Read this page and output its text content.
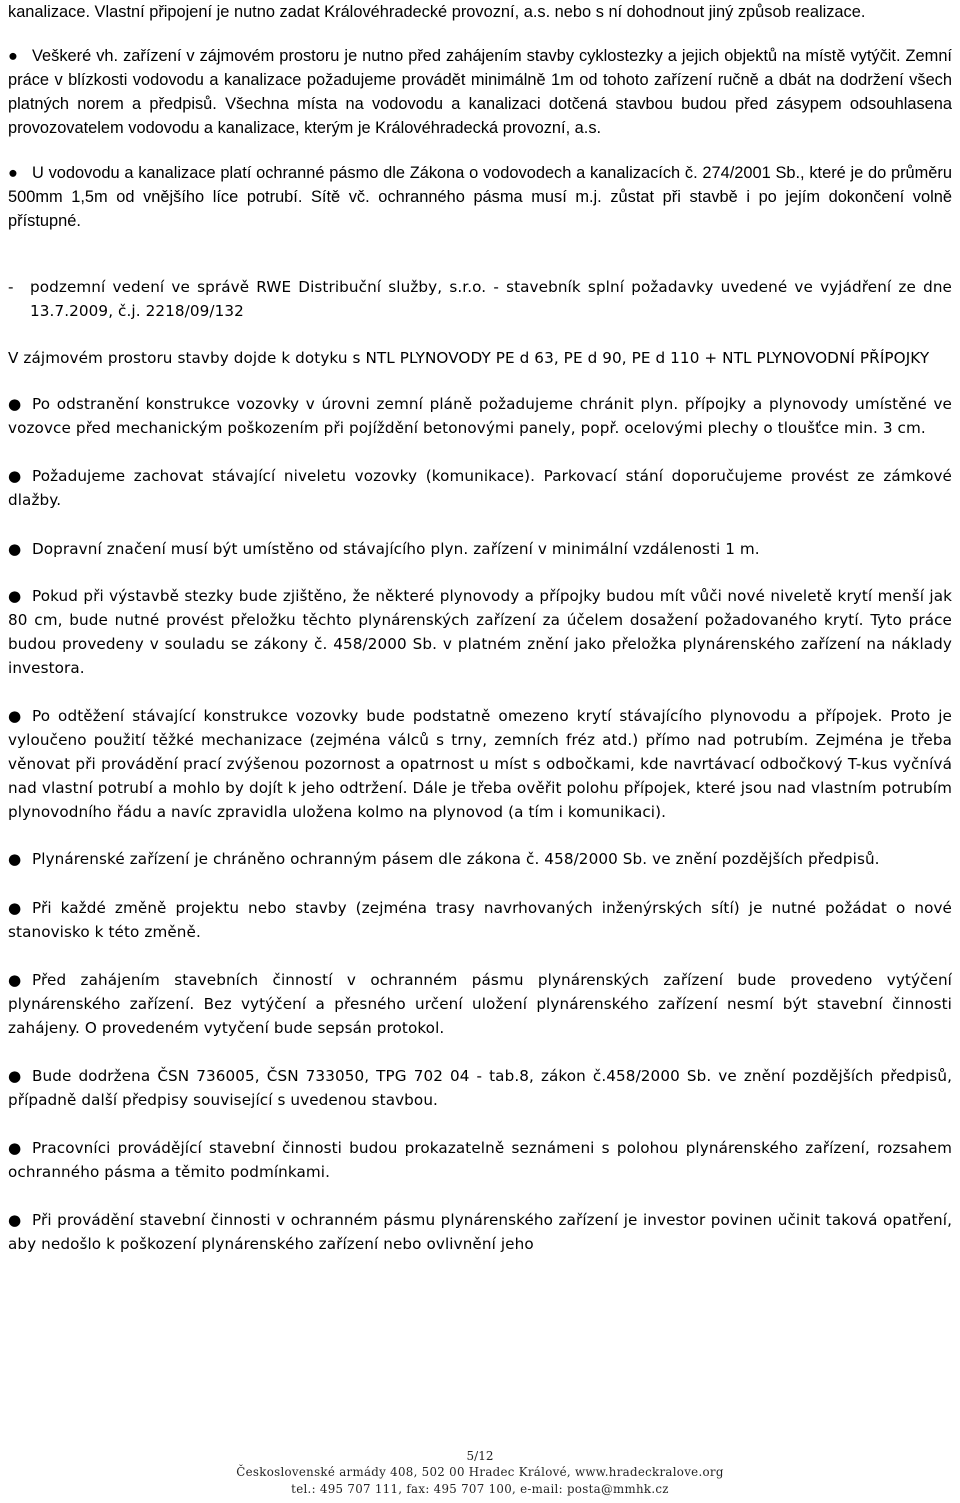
kanalizace. Vlastní připojení je nutno zadat Královéhradecké provozní, a.s. nebo s ní dohodnout jiný způsob realizace.

● Veškeré vh. zařízení v zájmovém prostoru je nutno před zahájením stavby cyklostezky a jejich objektů na místě vytýčit. Zemní práce v blízkosti vodovodu a kanalizace požadujeme provádět minimálně 1m od tohoto zařízení ručně a dbát na dodržení všech platných norem a předpisů. Všechna místa na vodovodu a kanalizaci dotčená stavbou budou před zásypem odsouhlasena provozovatelem vodovodu a kanalizace, kterým je Královéhradecká provozní, a.s.

● U vodovodu a kanalizace platí ochranné pásmo dle Zákona o vodovodech a kanalizacích č. 274/2001 Sb., které je do průměru 500mm 1,5m od vnějšího líce potrubí. Sítě vč. ochranného pásma musí m.j. zůstat při stavbě i po jejím dokončení volně přístupné.

- podzemní vedení ve správě RWE Distribuční služby, s.r.o. - stavebník splní požadavky uvedené ve vyjádření ze dne 13.7.2009, č.j. 2218/09/132

V zájmovém prostoru stavby dojde k dotyku s NTL PLYNOVODY PE d 63, PE d 90, PE d 110 + NTL PLYNOVODNÍ PŘÍPOJKY

● Po odstranění konstrukce vozovky v úrovni zemní pláně požadujeme chránit plyn. přípojky a plynovody umístěné ve vozovce před mechanickým poškozením při pojíždění betonovými panely, popř. ocelovými plechy o tloušťce min. 3 cm.

● Požadujeme zachovat stávající niveletu vozovky (komunikace). Parkovací stání doporučujeme provést ze zámkové dlažby.

● Dopravní značení musí být umístěno od stávajícího plyn. zařízení v minimální vzdálenosti 1 m.

● Pokud při výstavbě stezky bude zjištěno, že některé plynovody a přípojky budou mít vůči nové niveletě krytí menší jak 80 cm, bude nutné provést přeložku těchto plynárenských zařízení za účelem dosažení požadovaného krytí. Tyto práce budou provedeny v souladu se zákony č. 458/2000 Sb. v platném znění jako přeložka plynárenského zařízení na náklady investora.

● Po odtěžení stávající konstrukce vozovky bude podstatně omezeno krytí stávajícího plynovodu a přípojek. Proto je vyloučeno použití těžké mechanizace (zejména válců s trny, zemních fréz atd.) přímo nad potrubím. Zejména je třeba věnovat při provádění prací zvýšenou pozornost a opatrnost u míst s odbočkami, kde navrtávací odbočkový T-kus vyčnívá nad vlastní potrubí a mohlo by dojít k jeho odtržení. Dále je třeba ověřit polohu přípojek, které jsou nad vlastním potrubím plynovodního řádu a navíc zpravidla uložena kolmo na plynovod (a tím i komunikaci).

● Plynárenské zařízení je chráněno ochranným pásem dle zákona č. 458/2000 Sb. ve znění pozdějších předpisů.

● Při každé změně projektu nebo stavby (zejména trasy navrhovaných inženýrských sítí) je nutné požádat o nové stanovisko k této změně.

● Před zahájením stavebních činností v ochranném pásmu plynárenských zařízení bude provedeno vytýčení plynárenského zařízení. Bez vytýčení a přesného určení uložení plynárenského zařízení nesmí být stavební činnosti zahájeny. O provedeném vytyčení bude sepsán protokol.

● Bude dodržena ČSN 736005, ČSN 733050, TPG 702 04 - tab.8, zákon č.458/2000 Sb. ve znění pozdějších předpisů, případně další předpisy související s uvedenou stavbou.

● Pracovníci provádějící stavební činnosti budou prokazatelně seznámeni s polohou plynárenského zařízení, rozsahem ochranného pásma a těmito podmínkami.

● Při provádění stavební činnosti v ochranném pásmu plynárenského zařízení je investor povinen učinit taková opatření, aby nedošlo k poškození plynárenského zařízení nebo ovlivnění jeho

5/12
Československé armády 408, 502 00 Hradec Králové, www.hradeckralove.org
tel.: 495 707 111, fax: 495 707 100, e-mail: posta@mmhk.cz
